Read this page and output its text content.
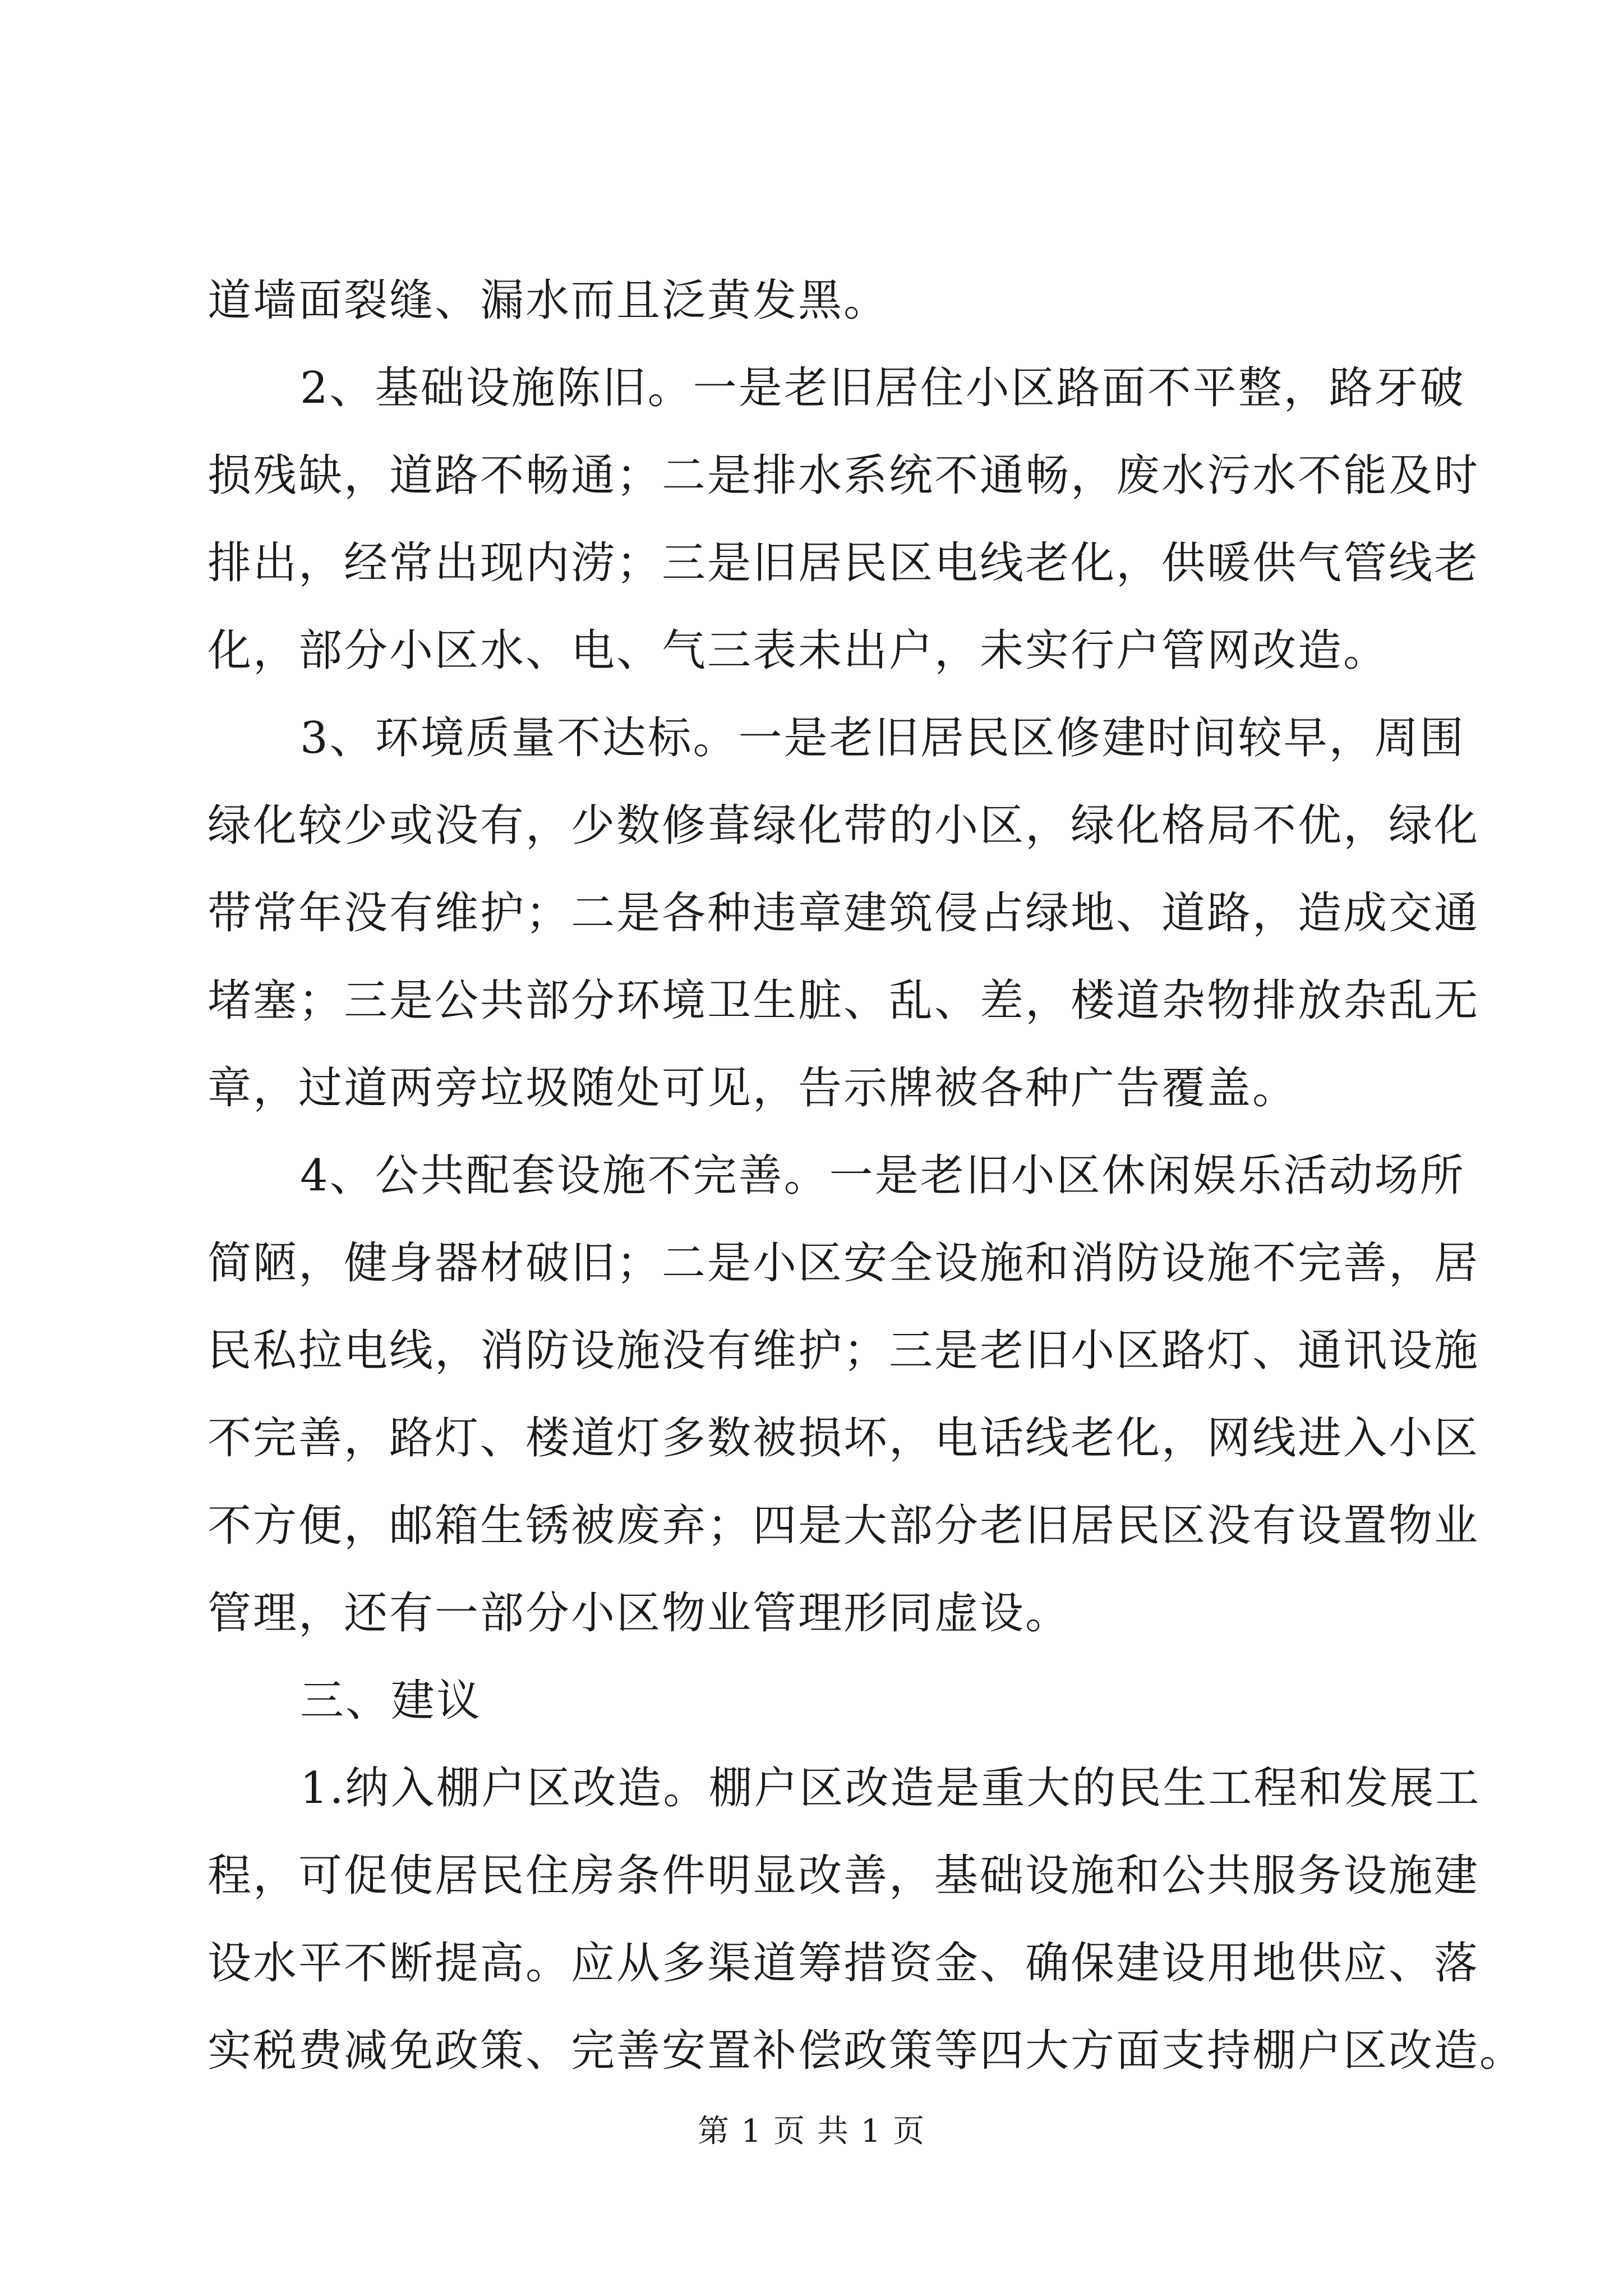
道墙面裂缝、漏水而且泛黄发黑。
2、基础设施陈旧。一是老旧居住小区路面不平整，路牙破
损残缺，道路不畅通；二是排水系统不通畅，废水污水不能及时
排出，经常出现内涝；三是旧居民区电线老化，供暖供气管线老
化，部分小区水、电、气三表未出户，未实行户管网改造。
3、环境质量不达标。一是老旧居民区修建时间较早，周围
绿化较少或没有，少数修葺绿化带的小区，绿化格局不优，绿化
带常年没有维护；二是各种违章建筑侵占绿地、道路，造成交通
堵塞；三是公共部分环境卫生脏、乱、差，楼道杂物排放杂乱无
章，过道两旁垃圾随处可见，告示牌被各种广告覆盖。
4、公共配套设施不完善。一是老旧小区休闲娱乐活动场所
简陋，健身器材破旧；二是小区安全设施和消防设施不完善，居
民私拉电线，消防设施没有维护；三是老旧小区路灯、通讯设施
不完善，路灯、楼道灯多数被损坏，电话线老化，网线进入小区
不方便，邮箱生锈被废弃；四是大部分老旧居民区没有设置物业
管理，还有一部分小区物业管理形同虚设。
三、建议
1.纳入棚户区改造。棚户区改造是重大的民生工程和发展工
程，可促使居民住房条件明显改善，基础设施和公共服务设施建
设水平不断提高。应从多渠道筹措资金、确保建设用地供应、落
实税费减免政策、完善安置补偿政策等四大方面支持棚户区改造。
第 1 页 共 1 页
